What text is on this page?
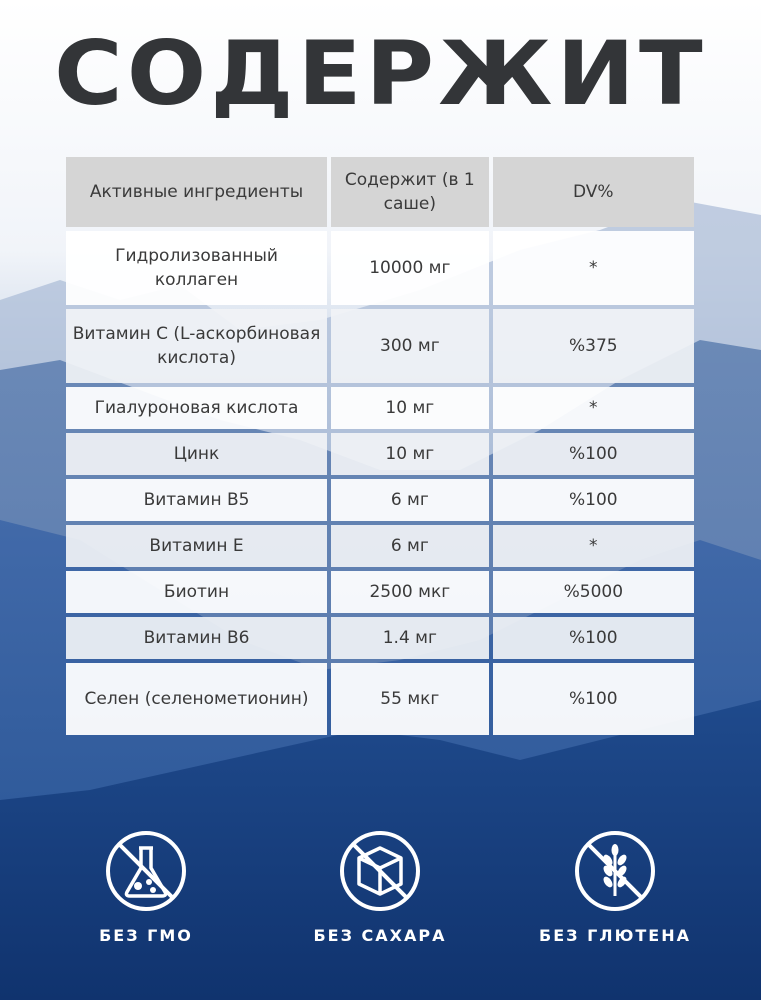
СОДЕРЖИТ
Активные ингредиенты	Содержит (в 1 саше)	DV%
Гидролизованный коллаген	10000 мг	*
Витамин С (L-аскорбиновая кислота)	300 мг	%375
Гиалуроновая кислота	10 мг	*
Цинк	10 мг	%100
Витамин В5	6 мг	%100
Витамин Е	6 мг	*
Биотин	2500 мкг	%5000
Витамин В6	1.4 мг	%100
Селен (селенометионин)	55 мкг	%100
БЕЗ ГМО	БЕЗ САХАРА	БЕЗ ГЛЮТЕНА
